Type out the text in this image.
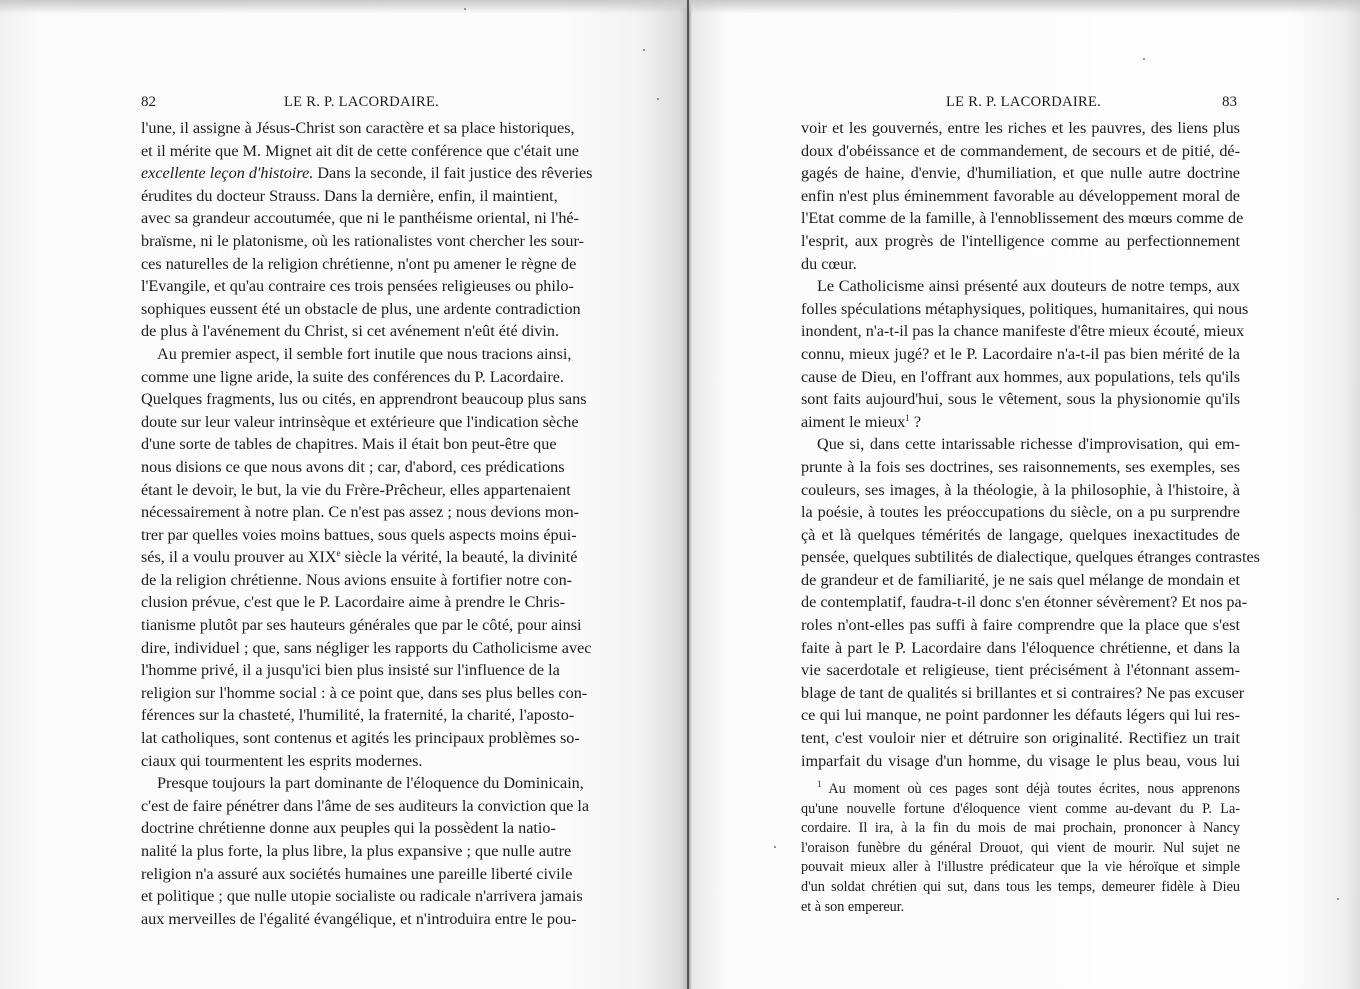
82	LE R. P. LACORDAIRE.
l'une, il assigne à Jésus-Christ son caractère et sa place historiques,
et il mérite que M. Mignet ait dit de cette conférence que c'était une
excellente leçon d'histoire. Dans la seconde, il fait justice des rêveries
érudites du docteur Strauss. Dans la dernière, enfin, il maintient,
avec sa grandeur accoutumée, que ni le panthéisme oriental, ni l'hé-
braïsme, ni le platonisme, où les rationalistes vont chercher les sour-
ces naturelles de la religion chrétienne, n'ont pu amener le règne de
l'Evangile, et qu'au contraire ces trois pensées religieuses ou philo-
sophiques eussent été un obstacle de plus, une ardente contradiction
de plus à l'avénement du Christ, si cet avénement n'eût été divin.
Au premier aspect, il semble fort inutile que nous tracions ainsi,
comme une ligne aride, la suite des conférences du P. Lacordaire.
Quelques fragments, lus ou cités, en apprendront beaucoup plus sans
doute sur leur valeur intrinsèque et extérieure que l'indication sèche
d'une sorte de tables de chapitres. Mais il était bon peut-être que
nous disions ce que nous avons dit ; car, d'abord, ces prédications
étant le devoir, le but, la vie du Frère-Prêcheur, elles appartenaient
nécessairement à notre plan. Ce n'est pas assez ; nous devions mon-
trer par quelles voies moins battues, sous quels aspects moins épui-
sés, il a voulu prouver au XIXe siècle la vérité, la beauté, la divinité
de la religion chrétienne. Nous avions ensuite à fortifier notre con-
clusion prévue, c'est que le P. Lacordaire aime à prendre le Chris-
tianisme plutôt par ses hauteurs générales que par le côté, pour ainsi
dire, individuel ; que, sans négliger les rapports du Catholicisme avec
l'homme privé, il a jusqu'ici bien plus insisté sur l'influence de la
religion sur l'homme social : à ce point que, dans ses plus belles con-
férences sur la chasteté, l'humilité, la fraternité, la charité, l'aposto-
lat catholiques, sont contenus et agités les principaux problèmes so-
ciaux qui tourmentent les esprits modernes.
Presque toujours la part dominante de l'éloquence du Dominicain,
c'est de faire pénétrer dans l'âme de ses auditeurs la conviction que la
doctrine chrétienne donne aux peuples qui la possèdent la natio-
nalité la plus forte, la plus libre, la plus expansive ; que nulle autre
religion n'a assuré aux sociétés humaines une pareille liberté civile
et politique ; que nulle utopie socialiste ou radicale n'arrivera jamais
aux merveilles de l'égalité évangélique, et n'introduira entre le pou-
LE R. P. LACORDAIRE.	83
voir et les gouvernés, entre les riches et les pauvres, des liens plus
doux d'obéissance et de commandement, de secours et de pitié, dé-
gagés de haine, d'envie, d'humiliation, et que nulle autre doctrine
enfin n'est plus éminemment favorable au développement moral de
l'Etat comme de la famille, à l'ennoblissement des mœurs comme de
l'esprit, aux progrès de l'intelligence comme au perfectionnement
du cœur.
Le Catholicisme ainsi présenté aux douteurs de notre temps, aux
folles spéculations métaphysiques, politiques, humanitaires, qui nous
inondent, n'a-t-il pas la chance manifeste d'être mieux écouté, mieux
connu, mieux jugé? et le P. Lacordaire n'a-t-il pas bien mérité de la
cause de Dieu, en l'offrant aux hommes, aux populations, tels qu'ils
sont faits aujourd'hui, sous le vêtement, sous la physionomie qu'ils
aiment le mieux$^1$ ?
Que si, dans cette intarissable richesse d'improvisation, qui em-
prunte à la fois ses doctrines, ses raisonnements, ses exemples, ses
couleurs, ses images, à la théologie, à la philosophie, à l'histoire, à
la poésie, à toutes les préoccupations du siècle, on a pu surprendre
çà et là quelques témérités de langage, quelques inexactitudes de
pensée, quelques subtilités de dialectique, quelques étranges contrastes
de grandeur et de familiarité, je ne sais quel mélange de mondain et
de contemplatif, faudra-t-il donc s'en étonner sévèrement? Et nos pa-
roles n'ont-elles pas suffi à faire comprendre que la place que s'est
faite à part le P. Lacordaire dans l'éloquence chrétienne, et dans la
vie sacerdotale et religieuse, tient précisément à l'étonnant assem-
blage de tant de qualités si brillantes et si contraires? Ne pas excuser
ce qui lui manque, ne point pardonner les défauts légers qui lui res-
tent, c'est vouloir nier et détruire son originalité. Rectifiez un trait
imparfait du visage d'un homme, du visage le plus beau, vous lui
$^1$ Au moment où ces pages sont déjà toutes écrites, nous apprenons
qu'une nouvelle fortune d'éloquence vient comme au-devant du P. La-
cordaire. Il ira, à la fin du mois de mai prochain, prononcer à Nancy
l'oraison funèbre du général Drouot, qui vient de mourir. Nul sujet ne
pouvait mieux aller à l'illustre prédicateur que la vie héroïque et simple
d'un soldat chrétien qui sut, dans tous les temps, demeurer fidèle à Dieu
et à son empereur.
